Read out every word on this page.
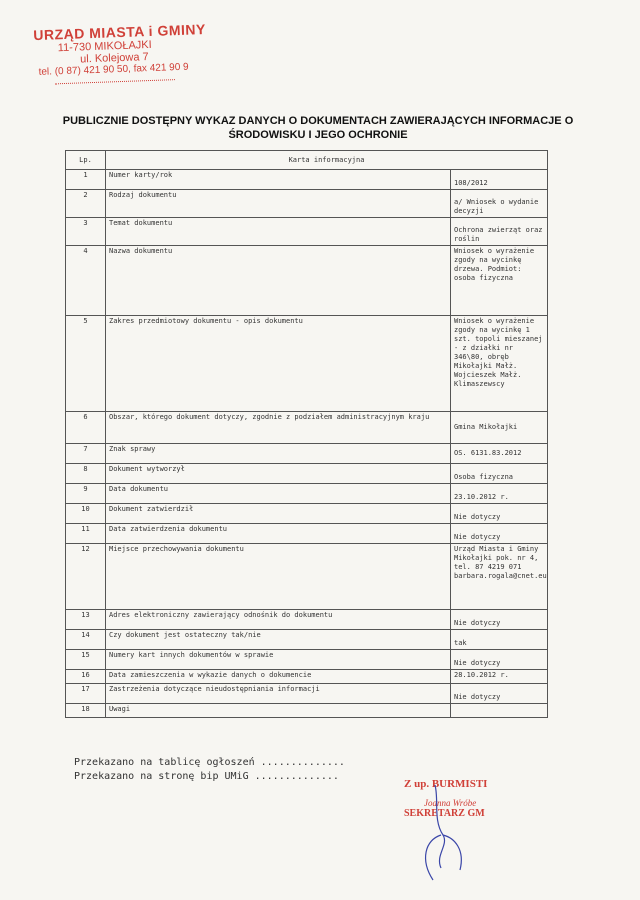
URZĄD MIASTA i GMINY
11-730 MIKOŁAJKI
ul. Kolejowa 7
tel. (0 87) 421 90 50, fax 421 90 9
PUBLICZNIE DOSTĘPNY WYKAZ DANYCH O DOKUMENTACH ZAWIERAJĄCYCH INFORMACJE O ŚRODOWISKU I JEGO OCHRONIE
Lp.	Karta informacyjna	
1	Numer karty/rok	108/2012
2	Rodzaj dokumentu	a/ Wniosek o wydanie decyzji
3	Temat dokumentu	Ochrona zwierząt oraz roślin
4	Nazwa dokumentu	Wniosek o wyrażenie zgody na wycinkę drzewa. Podmiot: osoba fizyczna
5	Zakres przedmiotowy dokumentu - opis dokumentu	Wniosek o wyrażenie zgody na wycinkę 1 szt. topoli mieszanej - z działki nr 346\80, obręb Mikołajki Małż. Wojcieszek Małż. Klimaszewscy
6	Obszar, którego dokument dotyczy, zgodnie z podziałem administracyjnym kraju	Gmina Mikołajki
7	Znak sprawy	OS. 6131.83.2012
8	Dokument wytworzył	Osoba fizyczna
9	Data dokumentu	23.10.2012 r.
10	Dokument zatwierdził	Nie dotyczy
11	Data zatwierdzenia dokumentu	Nie dotyczy
12	Miejsce przechowywania dokumentu	Urząd Miasta i Gminy Mikołajki pok. nr 4, tel. 87 4219 071 barbara.rogala@cnet.eu
13	Adres elektroniczny zawierający odnośnik do dokumentu	Nie dotyczy
14	Czy dokument jest ostateczny tak/nie	tak
15	Numery kart innych dokumentów w sprawie	Nie dotyczy
16	Data zamieszczenia w wykazie danych o dokumencie	28.10.2012 r.
17	Zastrzeżenia dotyczące nieudostępniania informacji	Nie dotyczy
18	Uwagi	
Przekazano na tablicę ogłoszeń ..............
Przekazano na stronę bip UMiG ..............
Z up. BURMISTI
Joanna Wróbe
SEKRETARZ GM
